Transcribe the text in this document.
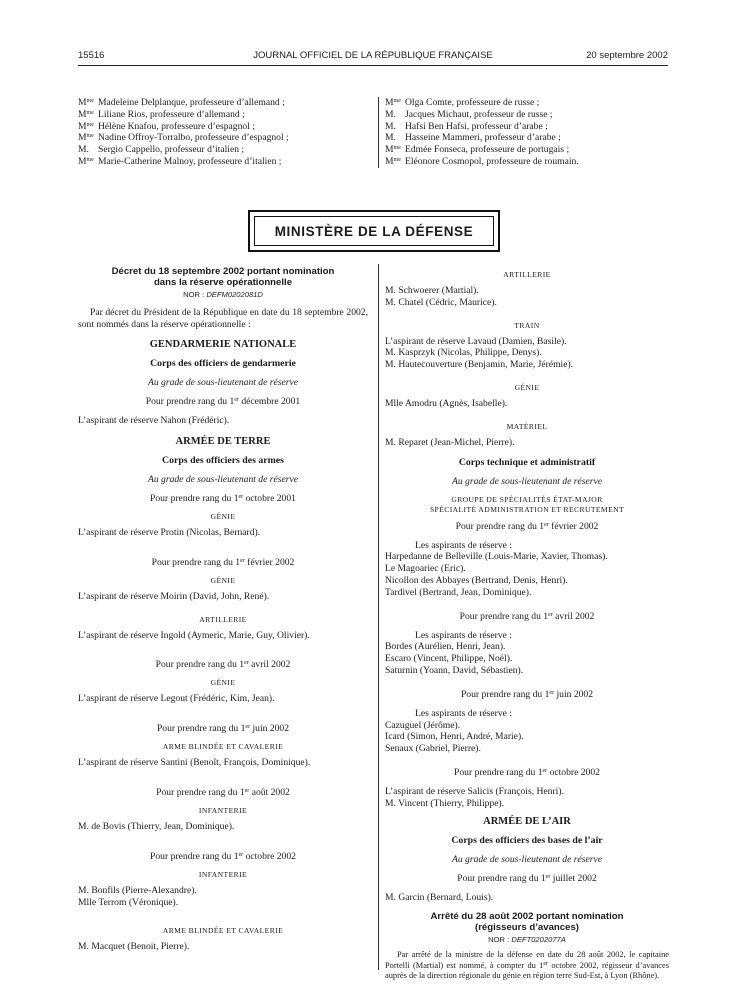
15516	JOURNAL OFFICIEL DE LA RÉPUBLIQUE FRANÇAISE	20 septembre 2002
$M^{me}$ Madeleine Delplanque, professeure d’allemand ;
$M^{me}$ Liliane Rios, professeure d’allemand ;
$M^{me}$ Hélène Knafou, professeure d’espagnol ;
$M^{me}$ Nadine Offroy-Torralbo, professeure d’espagnol ;
M. Sergio Cappello, professeur d’italien ;
$M^{me}$ Marie-Catherine Malnoy, professeure d’italien ;
$M^{me}$ Olga Comte, professeure de russe ;
M. Jacques Michaut, professeur de russe ;
M. Hafsi Ben Hafsi, professeur d’arabe ;
M. Hasseine Mammeri, professeur d’arabe ;
$M^{me}$ Edmée Fonseca, professeure de portugais ;
$M^{me}$ Eléonore Cosmopol, professeure de roumain.
MINISTÈRE DE LA DÉFENSE
Décret du 18 septembre 2002 portant nomination
dans la réserve opérationnelle
NOR : DEFM0202081D
Par décret du Président de la République en date du 18 septembre 2002, sont nommés dans la réserve opérationnelle :
GENDARMERIE NATIONALE
Corps des officiers de gendarmerie
Au grade de sous-lieutenant de réserve
Pour prendre rang du 1er décembre 2001
L’aspirant de réserve Nahon (Frédéric).
ARMÉE DE TERRE
Corps des officiers des armes
Au grade de sous-lieutenant de réserve
Pour prendre rang du 1er octobre 2001
GÉNIE
L’aspirant de réserve Protin (Nicolas, Bernard).
Pour prendre rang du 1er février 2002
GÉNIE
L’aspirant de réserve Moirin (David, John, René).
ARTILLERIE
L’aspirant de réserve Ingold (Aymeric, Marie, Guy, Olivier).
Pour prendre rang du 1er avril 2002
GÉNIE
L’aspirant de réserve Legout (Frédéric, Kim, Jean).
Pour prendre rang du 1er juin 2002
ARME BLINDÉE ET CAVALERIE
L’aspirant de réserve Santini (Benoît, François, Dominique).
Pour prendre rang du 1er août 2002
INFANTERIE
M. de Bovis (Thierry, Jean, Dominique).
Pour prendre rang du 1er octobre 2002
INFANTERIE
M. Bonfils (Pierre-Alexandre).
Mlle Terrom (Véronique).
ARME BLINDÉE ET CAVALERIE
M. Macquet (Benoit, Pierre).
ARTILLERIE
M. Schwoerer (Martial).
M. Chatel (Cédric, Maurice).
TRAIN
L’aspirant de réserve Lavaud (Damien, Basile).
M. Kasprzyk (Nicolas, Philippe, Denys).
M. Hautecouverture (Benjamin, Marie, Jérémie).
GÉNIE
Mlle Amodru (Agnès, Isabelle).
MATÉRIEL
M. Reparet (Jean-Michel, Pierre).
Corps technique et administratif
Au grade de sous-lieutenant de réserve
GROUPE DE SPÉCIALITÉS ÉTAT-MAJOR
SPÉCIALITÉ ADMINISTRATION ET RECRUTEMENT
Pour prendre rang du 1er février 2002
Les aspirants de réserve :
Harpedanne de Belleville (Louis-Marie, Xavier, Thomas).
Le Magoariec (Eric).
Nicollon des Abbayes (Bertrand, Denis, Henri).
Tardivel (Bertrand, Jean, Dominique).
Pour prendre rang du 1er avril 2002
Les aspirants de réserve :
Bordes (Aurélien, Henri, Jean).
Escaro (Vincent, Philippe, Noël).
Saturnin (Yoann, David, Sébastien).
Pour prendre rang du 1er juin 2002
Les aspirants de réserve :
Cazuguel (Jérôme).
Icard (Simon, Henri, André, Marie).
Senaux (Gabriel, Pierre).
Pour prendre rang du 1er octobre 2002
L’aspirant de réserve Salicis (François, Henri).
M. Vincent (Thierry, Philippe).
ARMÉE DE L’AIR
Corps des officiers des bases de l’air
Au grade de sous-lieutenant de réserve
Pour prendre rang du 1er juillet 2002
M. Garcin (Bernard, Louis).
Arrêté du 28 août 2002 portant nomination
(régisseurs d’avances)
NOR : DEFT0202077A
Par arrêté de la ministre de la défense en date du 28 août 2002, le capitaine Portelli (Martial) est nommé, à compter du 1er octobre 2002, régisseur d’avances auprès de la direction régionale du génie en région terre Sud-Est, à Lyon (Rhône).
